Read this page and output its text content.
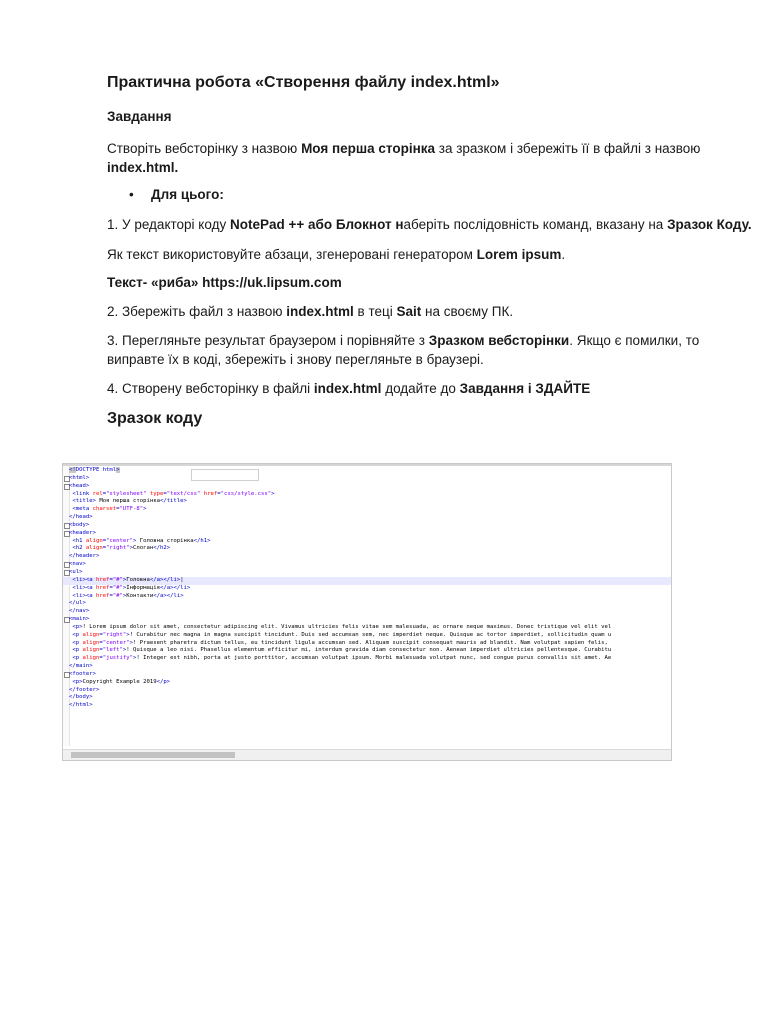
Практична робота «Створення файлу index.html»
Завдання
Створіть вебсторінку з назвою Моя перша сторінка за зразком і збережіть її в файлі з назвою
index.html.
• Для цього:
1. У редакторі коду NotePad ++ або Блокнот наберіть послідовність команд, вказану на Зразок Коду.
Як текст використовуйте абзаци, згенеровані генератором Lorem ipsum.
Текст- «риба» https://uk.lipsum.com
2. Збережіть файл з назвою index.html в теці Sait на своєму ПК.
3. Перегляньте результат браузером і порівняйте з Зразком вебсторінки. Якщо є помилки, то
виправте їх в коді, збережіть і знову перегляньте в браузері.
4. Створену вебсторінку в файлі index.html додайте до Завдання і ЗДАЙТЕ
Зразок коду
<!DOCTYPE html>
<html>
<head>
<link rel="stylesheet" type="text/css" href="css/style.css">
<title> Моя перша сторінка</title>
<meta charset="UTF-8">
</head>
<body>
<header>
<h1 align="center"> Головна сторінка</h1>
<h2 align="right">Слоган</h2>
</header>
<nav>
<ul>
<li><a href="#">Головна</a></li>|
<li><a href="#">Інформація</a></li>
<li><a href="#">Контакти</a></li>
</ul>
</nav>
<main>
<p>! Lorem ipsum dolor sit amet, consectetur adipiscing elit. Vivamus ultricies felis vitae sem malesuada, ac ornare neque maximus. Donec tristique vel elit vel
<p align="right">! Curabitur nec magna in magna suscipit tincidunt. Duis sed accumsan sem, nec imperdiet neque. Quisque ac tortor imperdiet, sollicitudin quam u
<p align="center">! Praesent pharetra dictum tellus, eu tincidunt ligula accumsan sed. Aliquam suscipit consequat mauris ad blandit. Nam volutpat sapien felis,
<p align="left">! Quisque a leo nisi. Phasellus elementum efficitur mi, interdum gravida diam consectetur non. Aenean imperdiet ultricies pellentesque. Curabitu
<p align="justify">! Integer est nibh, porta at justo porttitor, accumsan volutpat ipsum. Morbi malesuada volutpat nunc, sed congue purus convallis sit amet. Ae
</main>
<footer>
<p>Copyright Example 2019</p>
</footer>
</body>
</html>
